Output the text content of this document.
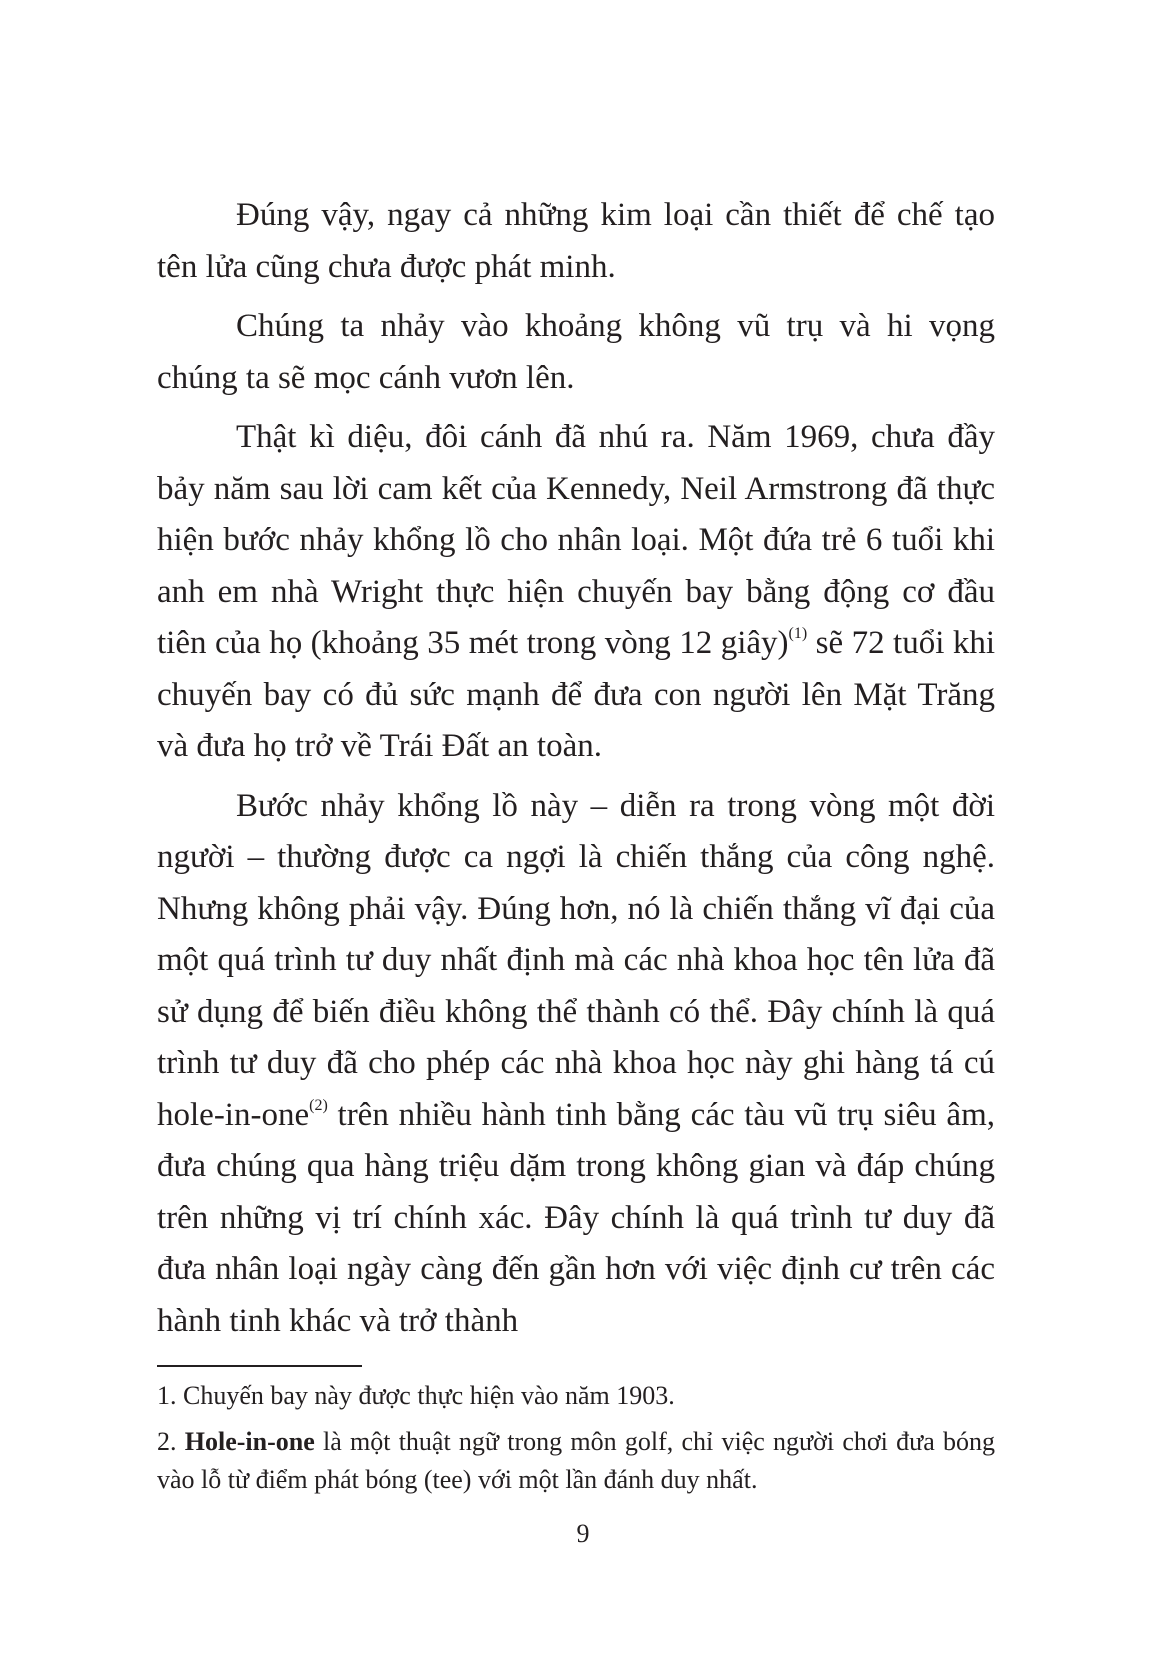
Đúng vậy, ngay cả những kim loại cần thiết để chế tạo tên lửa cũng chưa được phát minh.

Chúng ta nhảy vào khoảng không vũ trụ và hi vọng chúng ta sẽ mọc cánh vươn lên.

Thật kì diệu, đôi cánh đã nhú ra. Năm 1969, chưa đầy bảy năm sau lời cam kết của Kennedy, Neil Armstrong đã thực hiện bước nhảy khổng lồ cho nhân loại. Một đứa trẻ 6 tuổi khi anh em nhà Wright thực hiện chuyến bay bằng động cơ đầu tiên của họ (khoảng 35 mét trong vòng 12 giây)$^{(1)}$ sẽ 72 tuổi khi chuyến bay có đủ sức mạnh để đưa con người lên Mặt Trăng và đưa họ trở về Trái Đất an toàn.

Bước nhảy khổng lồ này – diễn ra trong vòng một đời người – thường được ca ngợi là chiến thắng của công nghệ. Nhưng không phải vậy. Đúng hơn, nó là chiến thắng vĩ đại của một quá trình tư duy nhất định mà các nhà khoa học tên lửa đã sử dụng để biến điều không thể thành có thể. Đây chính là quá trình tư duy đã cho phép các nhà khoa học này ghi hàng tá cú hole-in-one$^{(2)}$ trên nhiều hành tinh bằng các tàu vũ trụ siêu âm, đưa chúng qua hàng triệu dặm trong không gian và đáp chúng trên những vị trí chính xác. Đây chính là quá trình tư duy đã đưa nhân loại ngày càng đến gần hơn với việc định cư trên các hành tinh khác và trở thành

1. Chuyến bay này được thực hiện vào năm 1903.

2. Hole-in-one là một thuật ngữ trong môn golf, chỉ việc người chơi đưa bóng vào lỗ từ điểm phát bóng (tee) với một lần đánh duy nhất.

9
